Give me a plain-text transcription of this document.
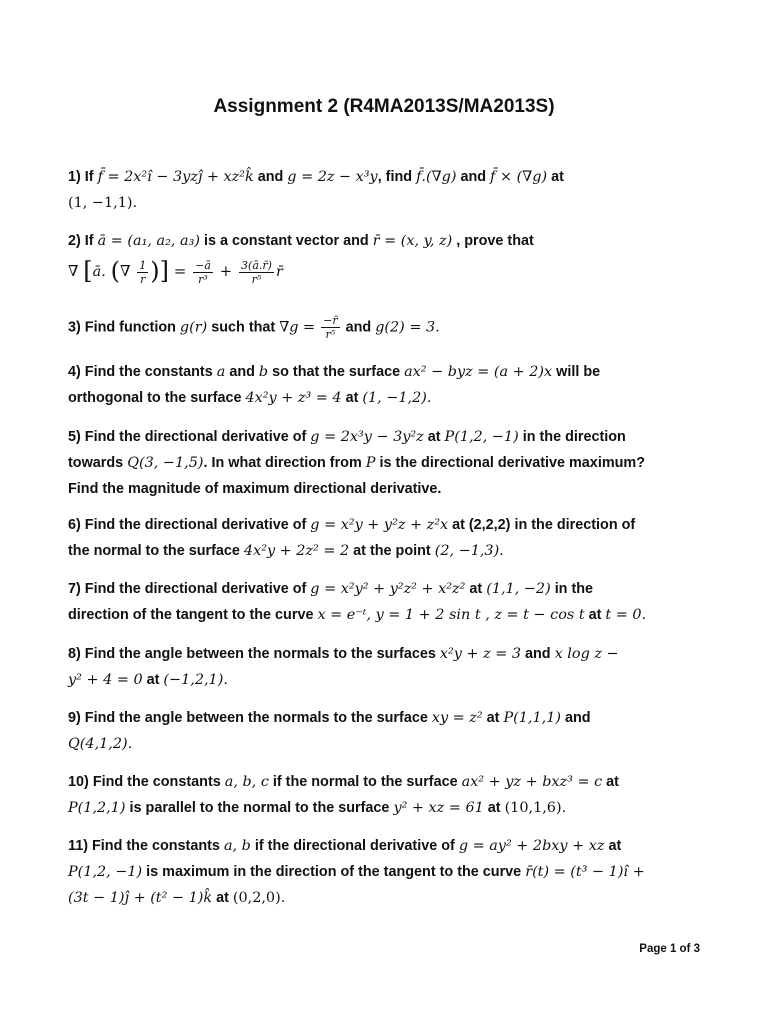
Assignment 2 (R4MA2013S/MA2013S)
1) If f̄ = 2x²î − 3yzĵ + xz²k̂ and g = 2z − x³y, find f̄.(∇g) and f̄ × (∇g) at
(1, −1,1).
2) If ā = (a₁, a₂, a₃) is a constant vector and r̄ = (x, y, z) , prove that
∇ [ā. (∇ $\frac{1}{r}$ )] = $\frac{-ā}{\text{r³}} + \frac{3(ā.r̄)}{\text{r⁵}}$ r̄
3) Find function g(r) such that $\nabla g = \frac{-r̄}{\text{r⁵}}$ and g(2) = 3.
4) Find the constants a and b so that the surface ax² − byz = (a + 2)x will be
orthogonal to the surface 4x²y + z³ = 4 at (1, −1,2).
5) Find the directional derivative of g = 2x³y − 3y²z at P(1,2, −1) in the direction
towards Q(3, −1,5). In what direction from P is the directional derivative maximum?
Find the magnitude of maximum directional derivative.
6) Find the directional derivative of g = x²y + y²z + z²x at (2,2,2) in the direction of
the normal to the surface 4x²y + 2z² = 2 at the point (2, −1,3).
7) Find the directional derivative of g = x²y² + y²z² + x²z² at (1,1, −2) in the
direction of the tangent to the curve x = e⁻ᵗ, y = 1 + 2 sin t , z = t − cos t at t = 0.
8) Find the angle between the normals to the surfaces x²y + z = 3 and x log z −
y² + 4 = 0 at (−1,2,1).
9) Find the angle between the normals to the surface xy = z² at P(1,1,1) and
Q(4,1,2).
10) Find the constants a, b, c if the normal to the surface ax² + yz + bxz³ = c at
P(1,2,1) is parallel to the normal to the surface y² + xz = 61 at (10,1,6).
11) Find the constants a, b if the directional derivative of g = ay² + 2bxy + xz at
P(1,2, −1) is maximum in the direction of the tangent to the curve r̄(t) = (t³ − 1)î +
(3t − 1)ĵ + (t² − 1)k̂ at (0,2,0).
Page 1 of 3
